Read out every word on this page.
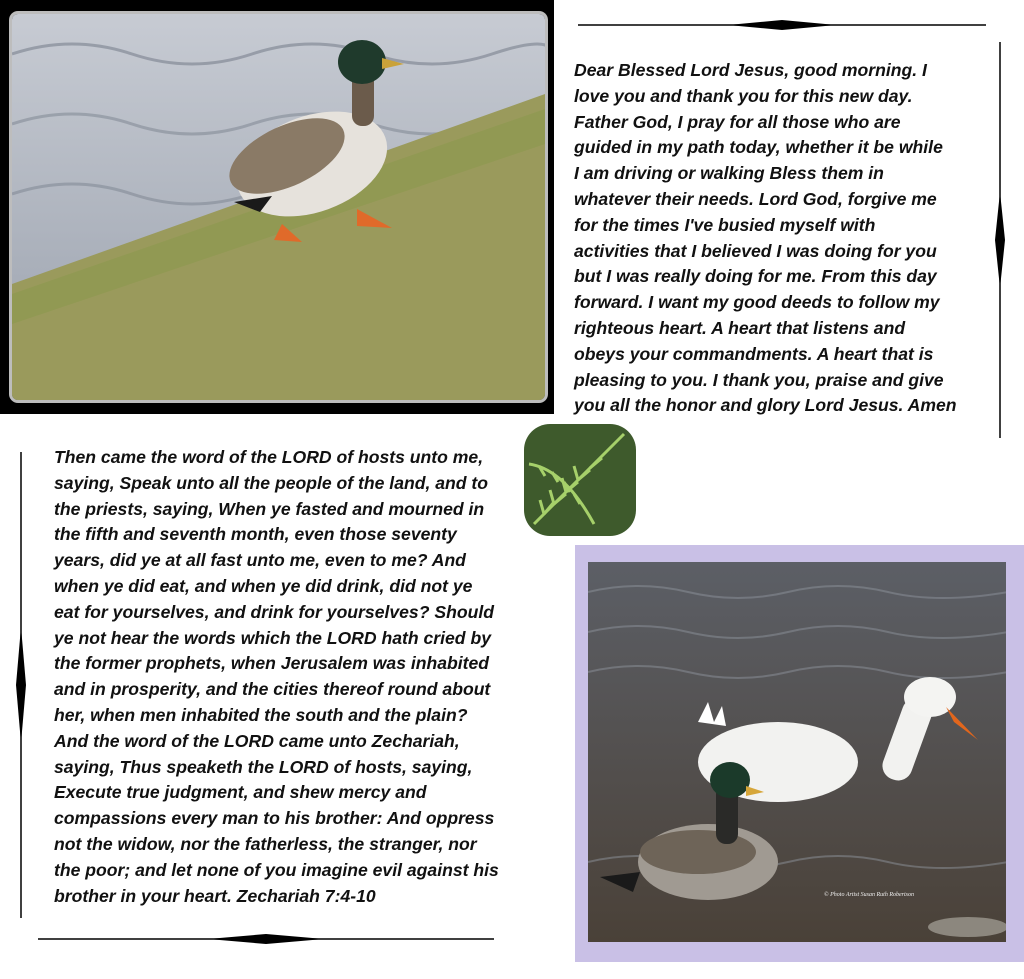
Dear Blessed Lord Jesus, good morning. I
love you and thank you for this new day.
Father God, I pray for all those who are
guided in my path today, whether it be while
I am driving or walking Bless them in
whatever their needs. Lord God, forgive me
for the times I've busied myself with
activities that I believed I was doing for you
but I was really doing for me. From this day
forward. I want my good deeds to follow my
righteous heart. A heart that listens and
obeys your commandments. A heart that is
pleasing to you. I thank you, praise and give
you all the honor and glory Lord Jesus. Amen
Then came the word of the LORD of hosts unto me,
saying, Speak unto all the people of the land, and to
the priests, saying, When ye fasted and mourned in
the fifth and seventh month, even those seventy
years, did ye at all fast unto me, even to me? And
when ye did eat, and when ye did drink, did not ye
eat for yourselves, and drink for yourselves? Should
ye not hear the words which the LORD hath cried by
the former prophets, when Jerusalem was inhabited
and in prosperity, and the cities thereof round about
her, when men inhabited the south and the plain?
And the word of the LORD came unto Zechariah,
saying, Thus speaketh the LORD of hosts, saying,
Execute true judgment, and shew mercy and
compassions every man to his brother: And oppress
not the widow, nor the fatherless, the stranger, nor
the poor; and let none of you imagine evil against his
brother in your heart. Zechariah 7:4-10	© Photo Artist Susan Ruth Robertson
